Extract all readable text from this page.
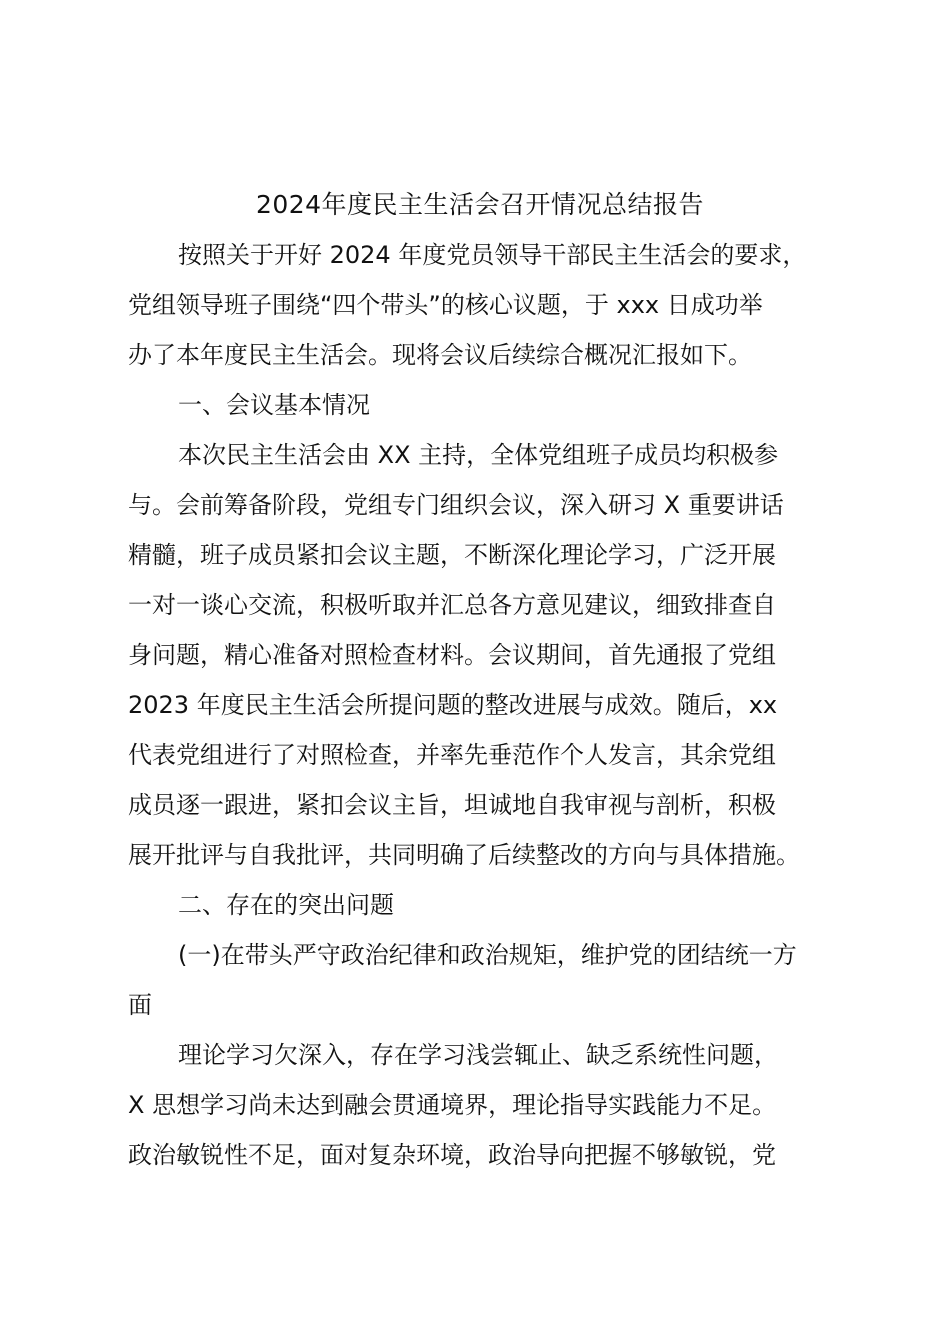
2024年度民主生活会召开情况总结报告

按照关于开好 2024 年度党员领导干部民主生活会的要求，
党组领导班子围绕“四个带头”的核心议题，于 xxx 日成功举
办了本年度民主生活会。现将会议后续综合概况汇报如下。

一、会议基本情况

本次民主生活会由 XX 主持，全体党组班子成员均积极参
与。会前筹备阶段，党组专门组织会议，深入研习 X 重要讲话
精髓，班子成员紧扣会议主题，不断深化理论学习，广泛开展
一对一谈心交流，积极听取并汇总各方意见建议，细致排查自
身问题，精心准备对照检查材料。会议期间，首先通报了党组
2023 年度民主生活会所提问题的整改进展与成效。随后，xx
代表党组进行了对照检查，并率先垂范作个人发言，其余党组
成员逐一跟进，紧扣会议主旨，坦诚地自我审视与剖析，积极
展开批评与自我批评，共同明确了后续整改的方向与具体措施。

二、存在的突出问题

(一)在带头严守政治纪律和政治规矩，维护党的团结统一方
面

理论学习欠深入，存在学习浅尝辄止、缺乏系统性问题，
X 思想学习尚未达到融会贯通境界，理论指导实践能力不足。
政治敏锐性不足，面对复杂环境，政治导向把握不够敏锐，党
